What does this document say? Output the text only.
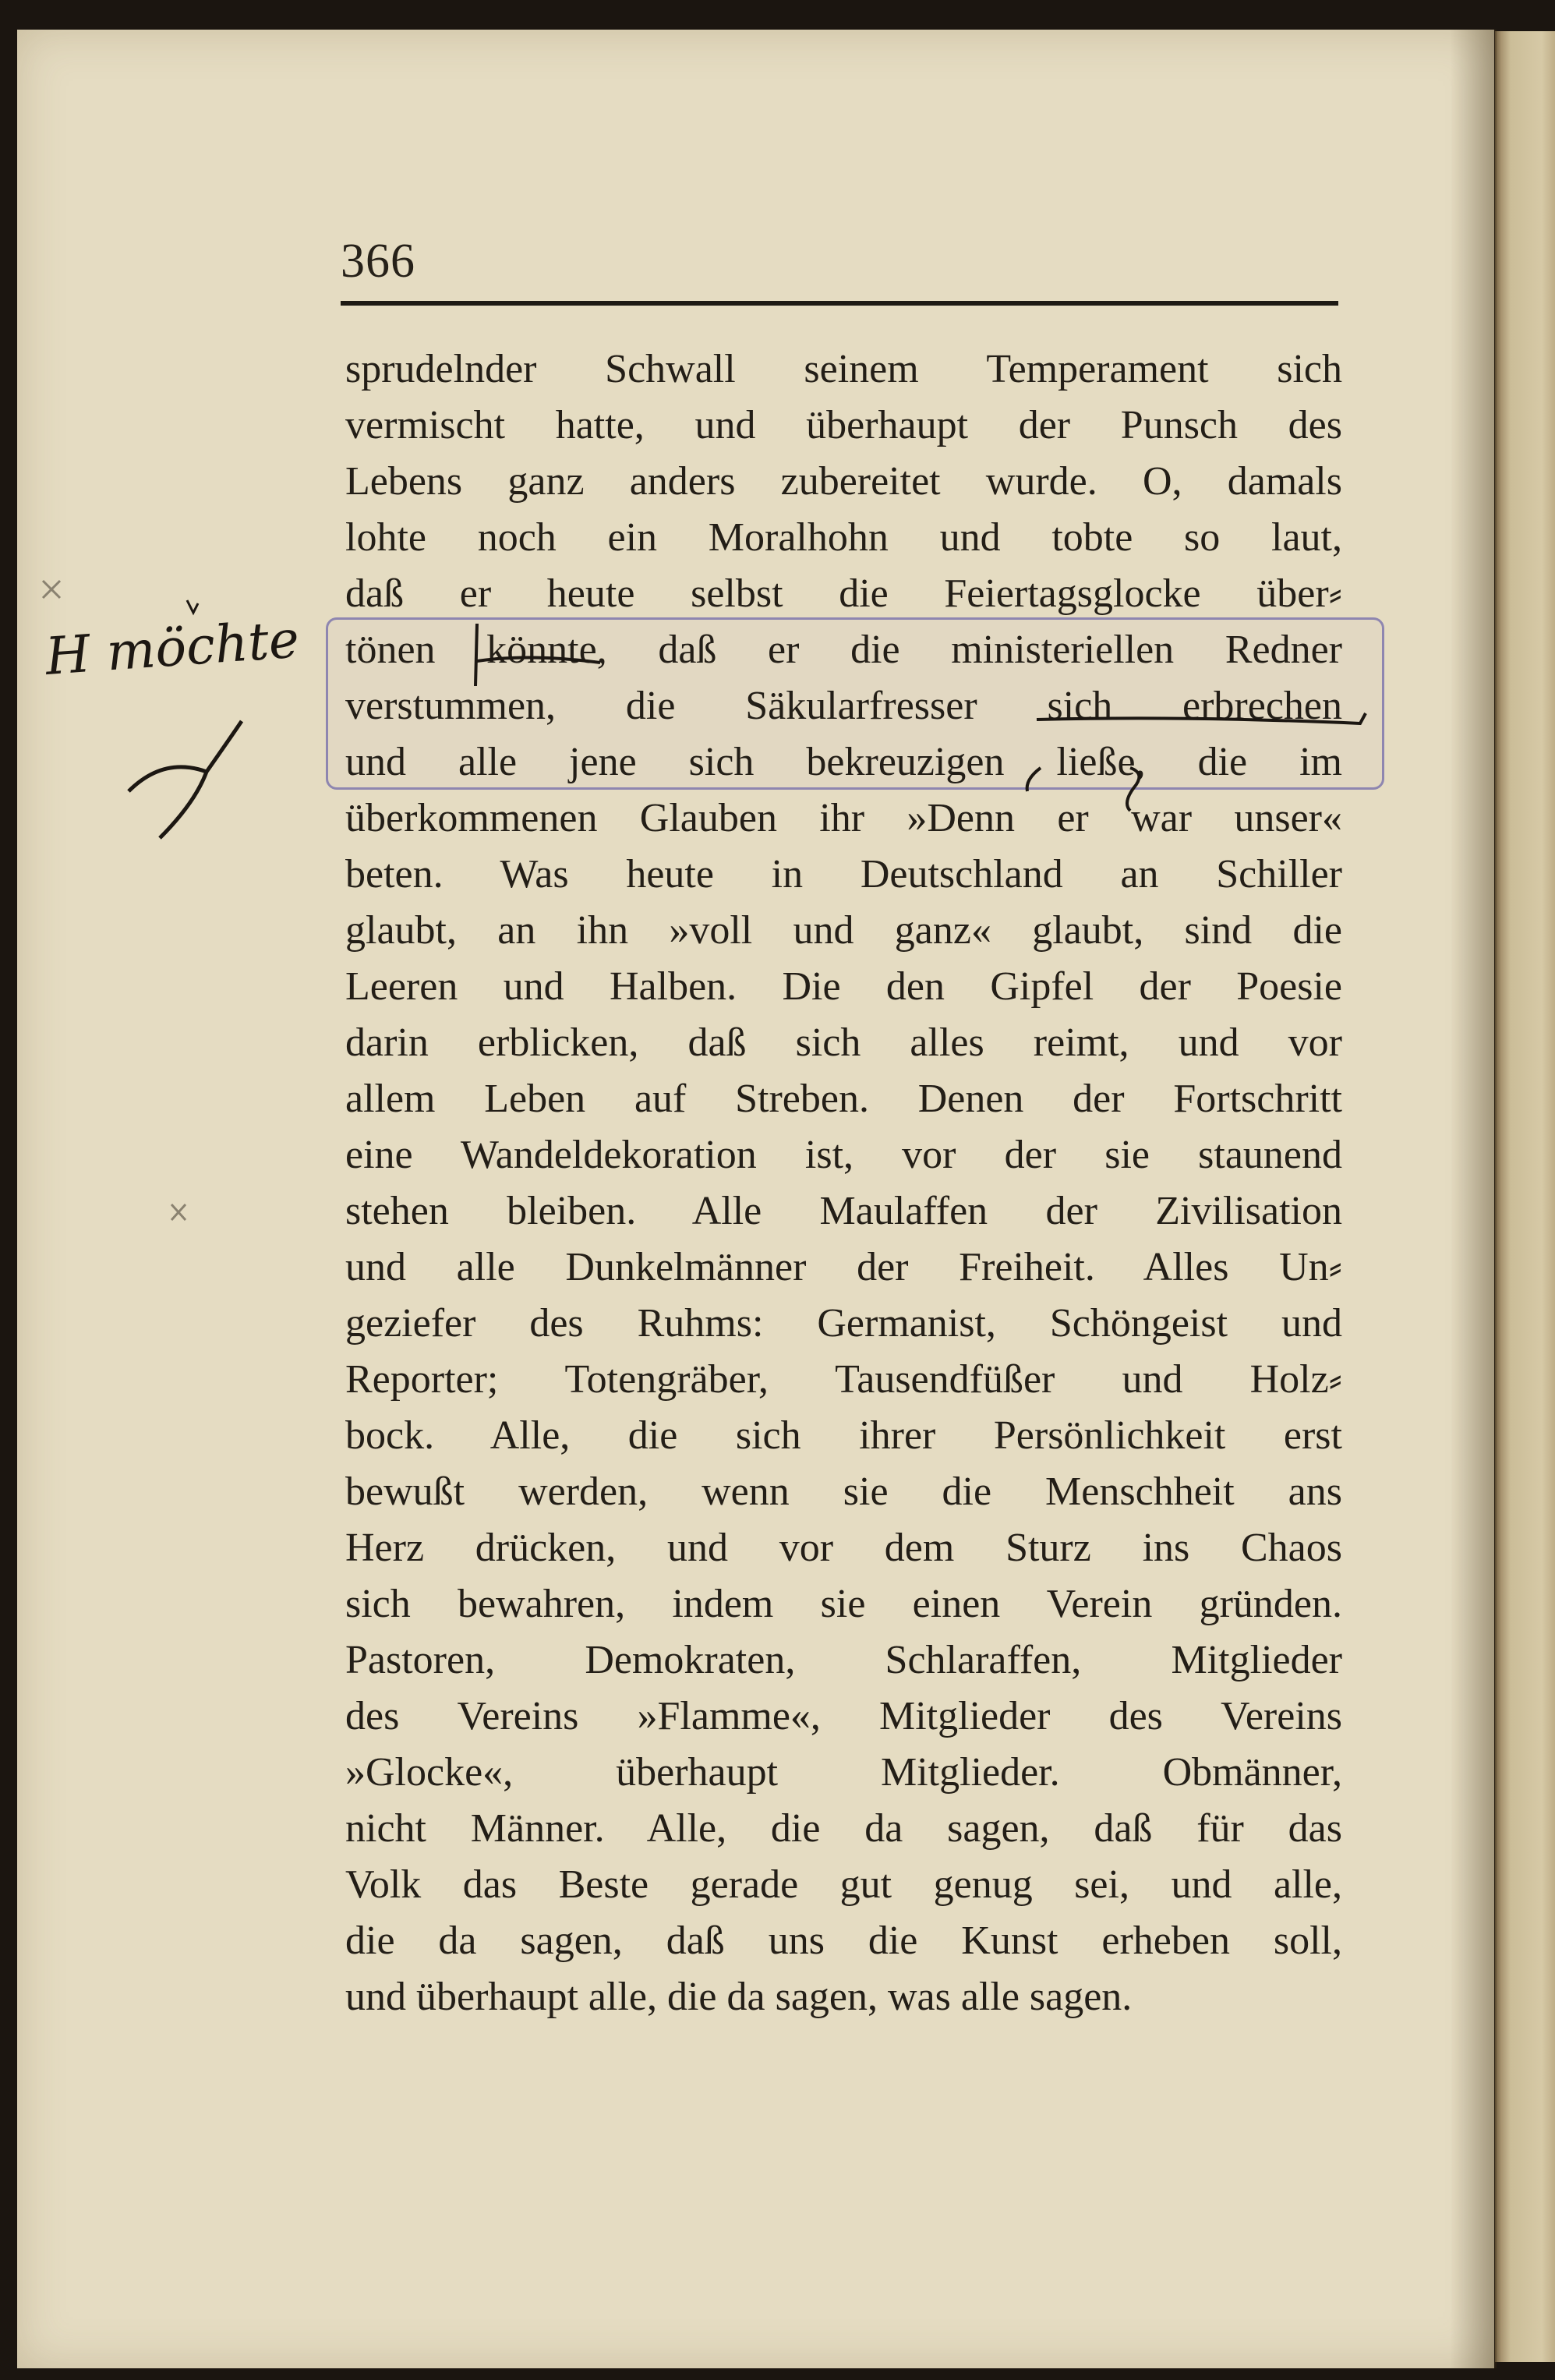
366
sprudelnder Schwall seinem Temperament sich
vermischt hatte, und überhaupt der Punsch des
Lebens ganz anders zubereitet wurde. O, damals
lohte noch ein Moralhohn und tobte so laut,
daß er heute selbst die Feiertagsglocke über⸗
tönen könnte, daß er die ministeriellen Redner
verstummen, die Säkularfresser sich erbrechen
und alle jene sich bekreuzigen ließe, die im
überkommenen Glauben ihr »Denn er war unser«
beten. Was heute in Deutschland an Schiller
glaubt, an ihn »voll und ganz« glaubt, sind die
Leeren und Halben. Die den Gipfel der Poesie
darin erblicken, daß sich alles reimt, und vor
allem Leben auf Streben. Denen der Fortschritt
eine Wandeldekoration ist, vor der sie staunend
stehen bleiben. Alle Maulaffen der Zivilisation
und alle Dunkelmänner der Freiheit. Alles Un⸗
geziefer des Ruhms: Germanist, Schöngeist und
Reporter; Totengräber, Tausendfüßer und Holz⸗
bock. Alle, die sich ihrer Persönlichkeit erst
bewußt werden, wenn sie die Menschheit ans
Herz drücken, und vor dem Sturz ins Chaos
sich bewahren, indem sie einen Verein gründen.
Pastoren, Demokraten, Schlaraffen, Mitglieder
des Vereins »Flamme«, Mitglieder des Vereins
»Glocke«, überhaupt Mitglieder. Obmänner,
nicht Männer. Alle, die da sagen, daß für das
Volk das Beste gerade gut genug sei, und alle,
die da sagen, daß uns die Kunst erheben soll,
und überhaupt alle, die da sagen, was alle sagen.
H möchte
